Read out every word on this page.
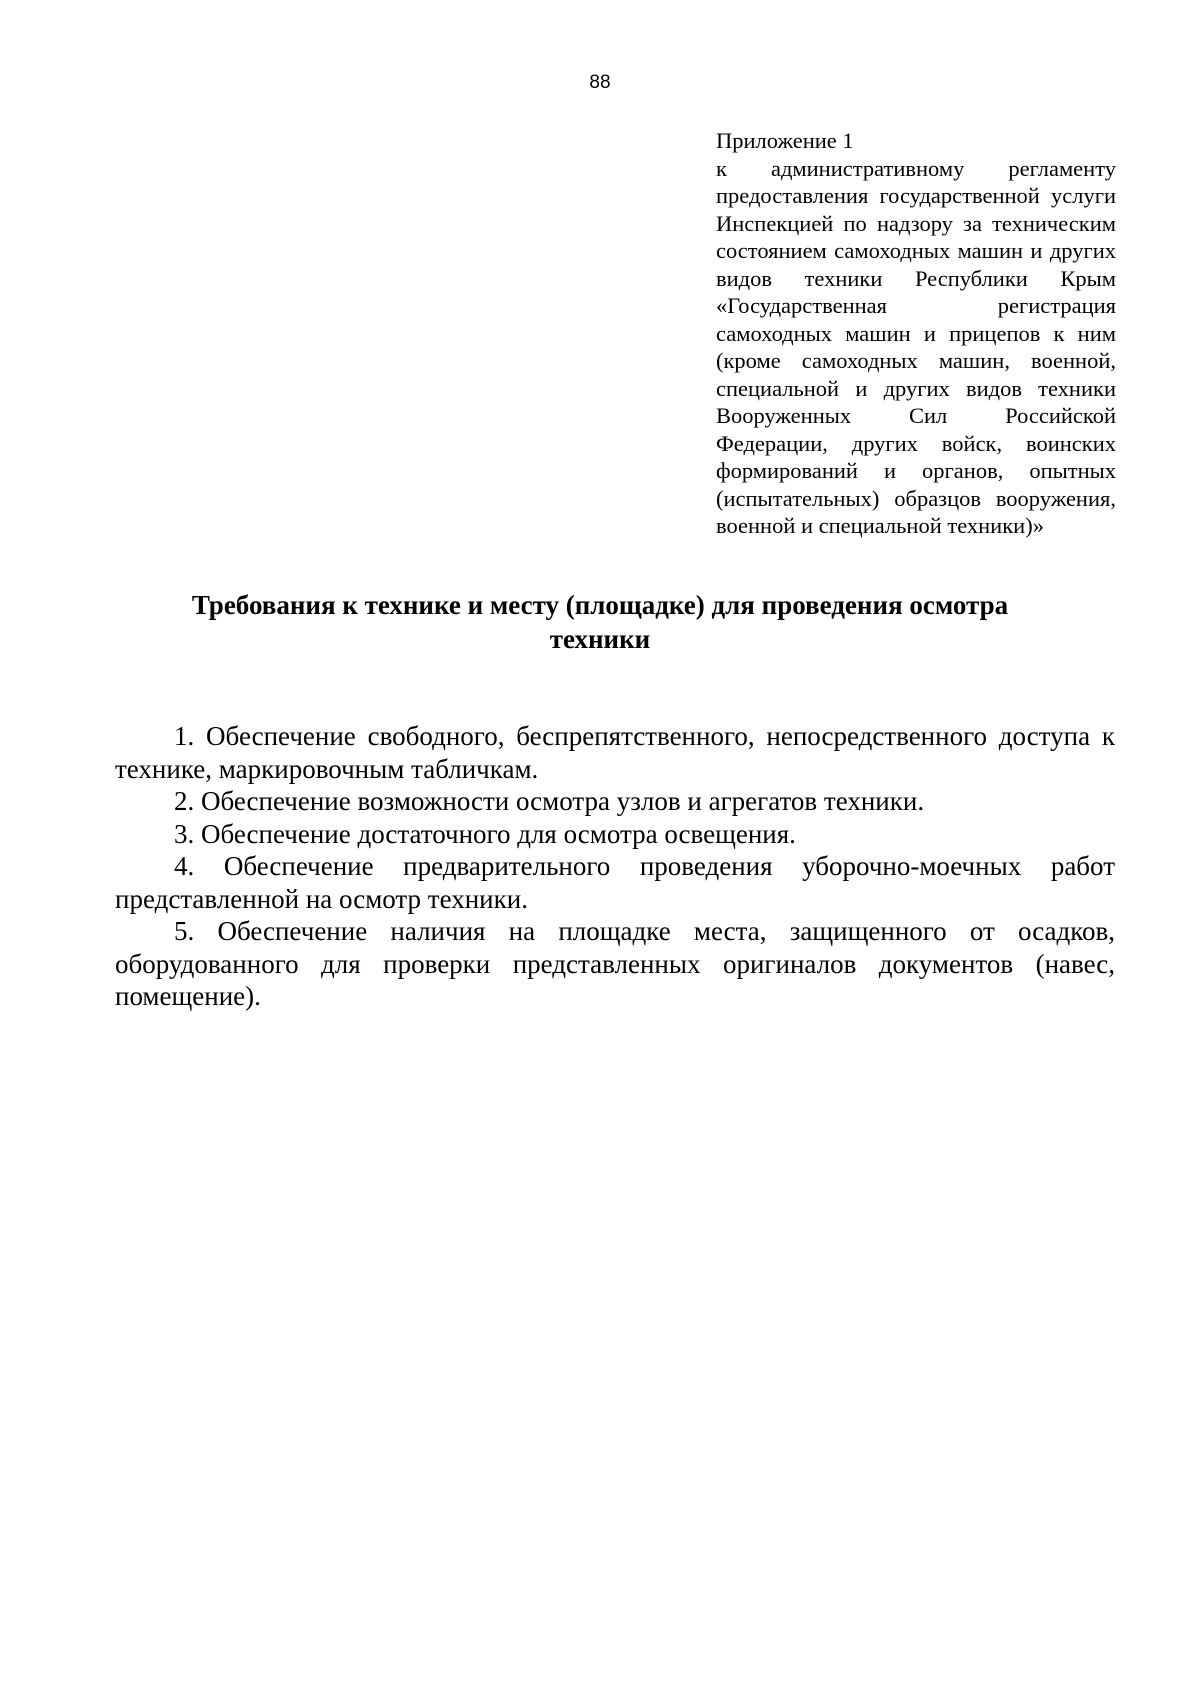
88
Приложение 1
к административному регламенту предоставления государственной услуги Инспекцией по надзору за техническим состоянием самоходных машин и других видов техники Республики Крым «Государственная регистрация самоходных машин и прицепов к ним (кроме самоходных машин, военной, специальной и других видов техники Вооруженных Сил Российской Федерации, других войск, воинских формирований и органов, опытных (испытательных) образцов вооружения, военной и специальной техники)»
Требования к технике и месту (площадке) для проведения осмотра техники
1. Обеспечение свободного, беспрепятственного, непосредственного доступа к технике, маркировочным табличкам.
2. Обеспечение возможности осмотра узлов и агрегатов техники.
3. Обеспечение достаточного для осмотра освещения.
4. Обеспечение предварительного проведения уборочно-моечных работ представленной на осмотр техники.
5. Обеспечение наличия на площадке места, защищенного от осадков, оборудованного для проверки представленных оригиналов документов (навес, помещение).
